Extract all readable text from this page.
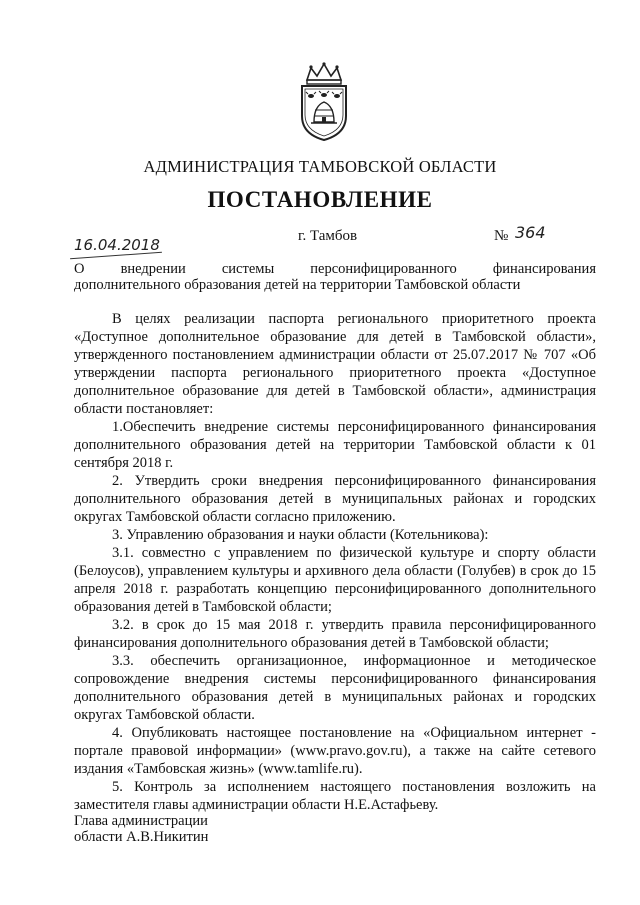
АДМИНИСТРАЦИЯ ТАМБОВСКОЙ ОБЛАСТИ
ПОСТАНОВЛЕНИЕ
16.04.2018	г. Тамбов	№ 364
О внедрении системы персонифицированного финансирования
дополнительного образования детей на территории Тамбовской области

В целях реализации паспорта регионального приоритетного проекта «Доступное дополнительное образование для детей в Тамбовской области», утвержденного постановлением администрации области от 25.07.2017 № 707 «Об утверждении паспорта регионального приоритетного проекта «Доступное дополнительное образование для детей в Тамбовской области», администрация области постановляет:

1.Обеспечить внедрение системы персонифицированного финансирования дополнительного образования детей на территории Тамбовской области к 01 сентября 2018 г.

2. Утвердить сроки внедрения персонифицированного финансирования дополнительного образования детей в муниципальных районах и городских округах Тамбовской области согласно приложению.

3. Управлению образования и науки области (Котельникова):

3.1. совместно с управлением по физической культуре и спорту области (Белоусов), управлением культуры и архивного дела области (Голубев) в срок до 15 апреля 2018 г. разработать концепцию персонифицированного дополнительного образования детей в Тамбовской области;

3.2. в срок до 15 мая 2018 г. утвердить правила персонифицированного финансирования дополнительного образования детей в Тамбовской области;

3.3. обеспечить организационное, информационное и методическое сопровождение внедрения системы персонифицированного финансирования дополнительного образования детей в муниципальных районах и городских округах Тамбовской области.

4. Опубликовать настоящее постановление на «Официальном интернет - портале правовой информации» (www.pravo.gov.ru), а также на сайте сетевого издания «Тамбовская жизнь» (www.tamlife.ru).

5. Контроль за исполнением настоящего постановления возложить на заместителя главы администрации области Н.Е.Астафьеву.

Глава администрации
области А.В.Никитин
